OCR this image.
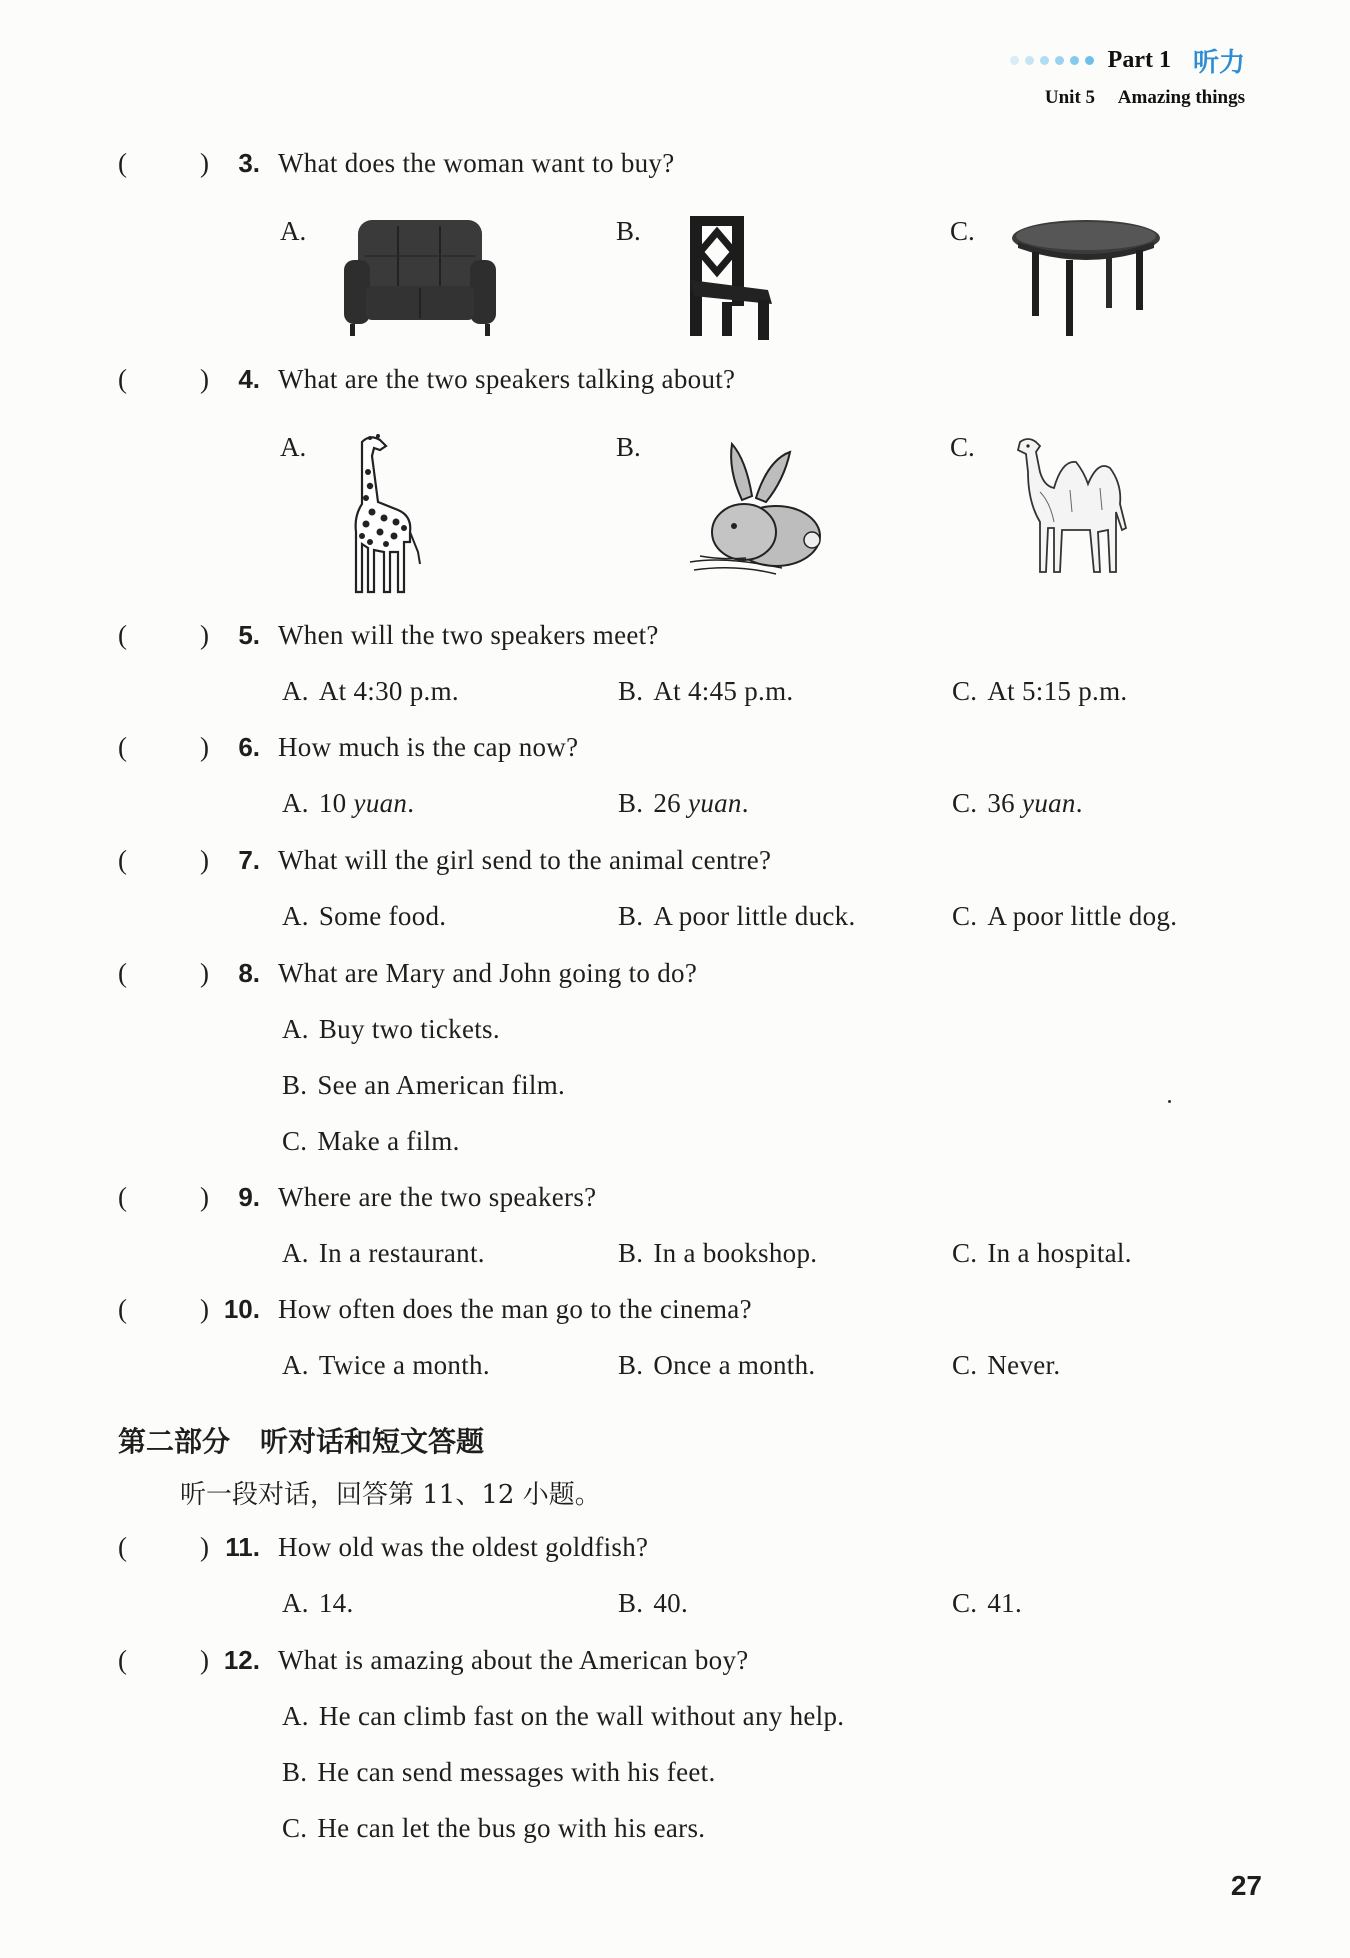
Part 1 听力
Unit 5 Amazing things
(	)	3. What does the woman want to buy?
A.	B.	C.
(	)	4. What are the two speakers talking about?
A.	B.	C.
(	)	5. When will the two speakers meet?
A. At 4:30 p.m.	B. At 4:45 p.m.	C. At 5:15 p.m.
(	)	6. How much is the cap now?
A. 10 yuan.	B. 26 yuan.	C. 36 yuan.
(	)	7. What will the girl send to the animal centre?
A. Some food.	B. A poor little duck.	C. A poor little dog.
(	)	8. What are Mary and John going to do?
A. Buy two tickets.
B. See an American film.
C. Make a film.
(	)	9. Where are the two speakers?
A. In a restaurant.	B. In a bookshop.	C. In a hospital.
(	) 10. How often does the man go to the cinema?
A. Twice a month.	B. Once a month.	C. Never.
第二部分 听对话和短文答题
听一段对话，回答第 11、12 小题。
(	) 11. How old was the oldest goldfish?
A. 14.	B. 40.	C. 41.
(	) 12. What is amazing about the American boy?
A. He can climb fast on the wall without any help.
B. He can send messages with his feet.
C. He can let the bus go with his ears.
27
